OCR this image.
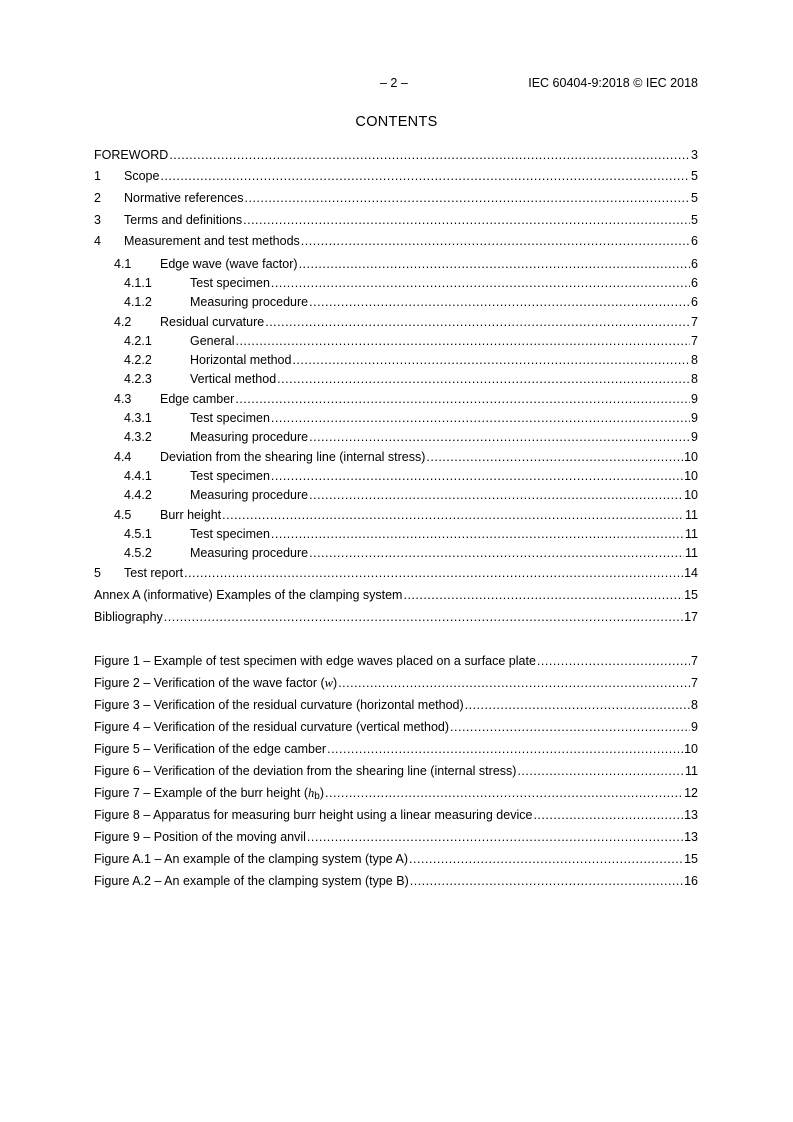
– 2 –	IEC 60404-9:2018 © IEC 2018
CONTENTS
FOREWORD .....	3
1	Scope .....	5
2	Normative references .....	5
3	Terms and definitions .....	5
4	Measurement and test methods .....	6
4.1	Edge wave (wave factor) .....	6
4.1.1	Test specimen .....	6
4.1.2	Measuring procedure .....	6
4.2	Residual curvature .....	7
4.2.1	General .....	7
4.2.2	Horizontal method .....	8
4.2.3	Vertical method .....	8
4.3	Edge camber .....	9
4.3.1	Test specimen .....	9
4.3.2	Measuring procedure .....	9
4.4	Deviation from the shearing line (internal stress) .....	10
4.4.1	Test specimen .....	10
4.4.2	Measuring procedure .....	10
4.5	Burr height .....	11
4.5.1	Test specimen .....	11
4.5.2	Measuring procedure .....	11
5	Test report .....	14
Annex A (informative) Examples of the clamping system .....	15
Bibliography .....	17
Figure 1 – Example of test specimen with edge waves placed on a surface plate .....	7
Figure 2 – Verification of the wave factor (w) .....	7
Figure 3 – Verification of the residual curvature (horizontal method) .....	8
Figure 4 – Verification of the residual curvature (vertical method) .....	9
Figure 5 – Verification of the edge camber .....	10
Figure 6 – Verification of the deviation from the shearing line (internal stress) .....	11
Figure 7 – Example of the burr height $(h_b)$ .....	12
Figure 8 – Apparatus for measuring burr height using a linear measuring device .....	13
Figure 9 – Position of the moving anvil .....	13
Figure A.1 – An example of the clamping system (type A) .....	15
Figure A.2 – An example of the clamping system (type B) .....	16
